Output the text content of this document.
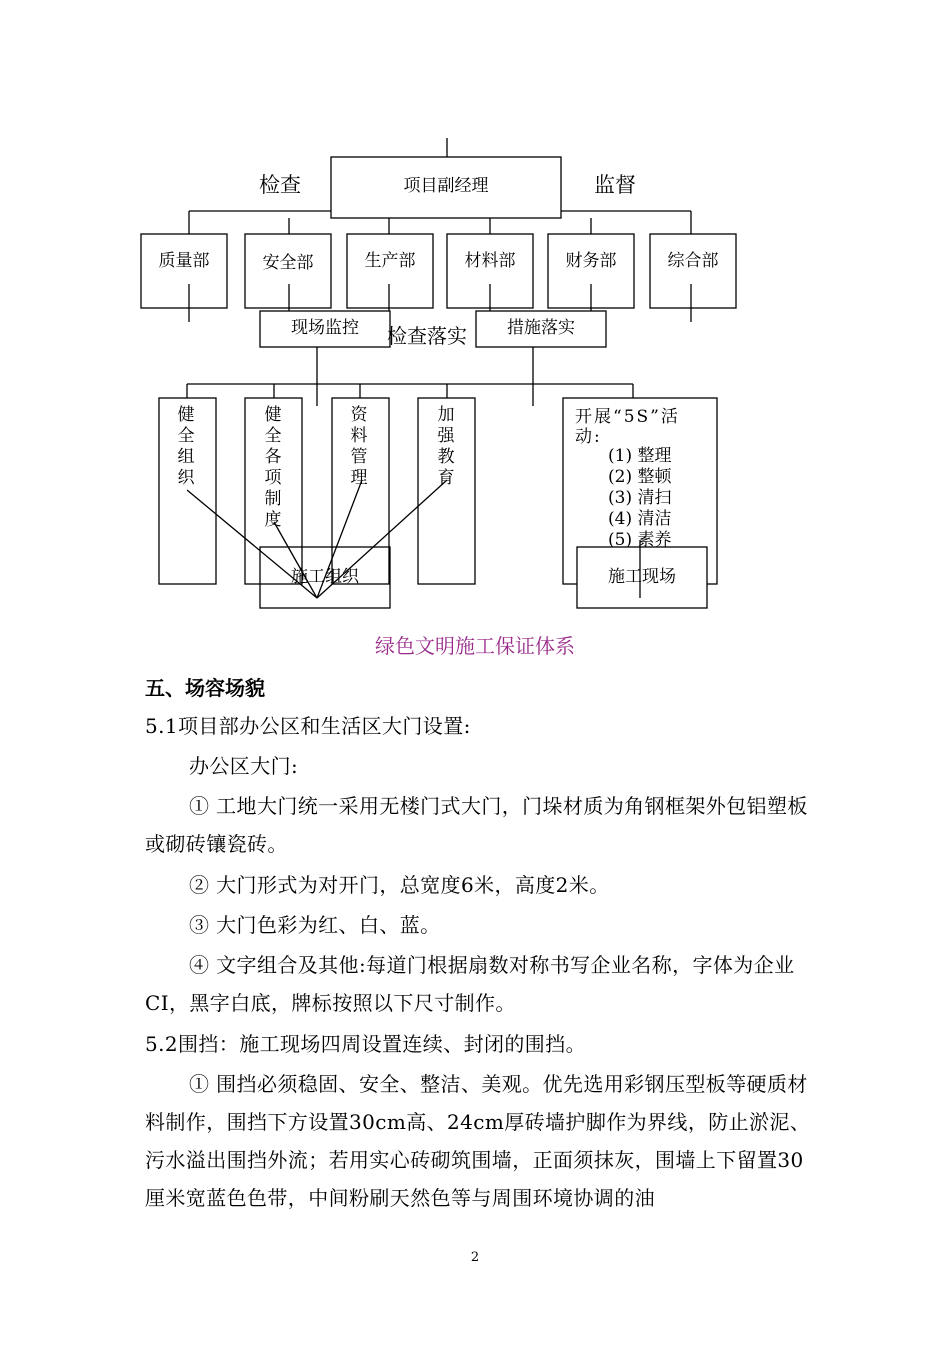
项目副经理
检查	监督
质量部	安全部	生产部	材料部	财务部	综合部
现场监控 检查落实 措施落实
健全组织
健全各项制度
资料管理
加强教育
开展“5S”活动:
(1) 整理
(2) 整顿
(3) 清扫
(4) 清洁
(5) 素养
施工组织	施工现场
绿色文明施工保证体系
五、场容场貌
5.1项目部办公区和生活区大门设置:
办公区大门:
① 工地大门统一采用无楼门式大门，门垛材质为角钢框架外包铝塑板或砌砖镶瓷砖。
② 大门形式为对开门，总宽度6米，高度2米。
③ 大门色彩为红、白、蓝。
④ 文字组合及其他:每道门根据扇数对称书写企业名称，字体为企业CI，黑字白底，牌标按照以下尺寸制作。
5.2围挡：施工现场四周设置连续、封闭的围挡。
① 围挡必须稳固、安全、整洁、美观。优先选用彩钢压型板等硬质材料制作，围挡下方设置30cm高、24cm厚砖墙护脚作为界线，防止淤泥、污水溢出围挡外流；若用实心砖砌筑围墙，正面须抹灰，围墙上下留置30厘米宽蓝色色带，中间粉刷天然色等与周围环境协调的油
2
